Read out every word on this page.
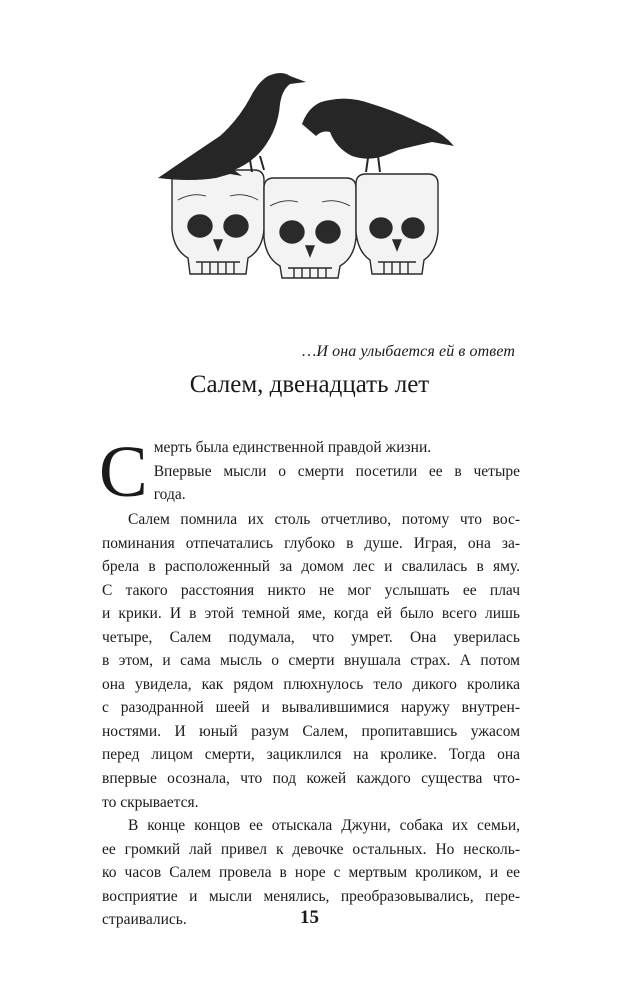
…И она улыбается ей в ответ
Салем, двенадцать лет

С мерть была единственной правдой жизни.

Впервые мысли о смерти посетили ее в четыре
года.

Салем помнила их столь отчетливо, потому что вос-
поминания отпечатались глубоко в душе. Играя, она за-
брела в расположенный за домом лес и свалилась в яму.
С такого расстояния никто не мог услышать ее плач
и крики. И в этой темной яме, когда ей было всего лишь
четыре, Салем подумала, что умрет. Она уверилась
в этом, и сама мысль о смерти внушала страх. А потом
она увидела, как рядом плюхнулось тело дикого кролика
с разодранной шеей и вывалившимися наружу внутрен-
ностями. И юный разум Салем, пропитавшись ужасом
перед лицом смерти, зациклился на кролике. Тогда она
впервые осознала, что под кожей каждого существа что-
то скрывается.

В конце концов ее отыскала Джуни, собака их семьи,
ее громкий лай привел к девочке остальных. Но несколь-
ко часов Салем провела в норе с мертвым кроликом, и ее
восприятие и мысли менялись, преобразовывались, пере-
страивались.	15
